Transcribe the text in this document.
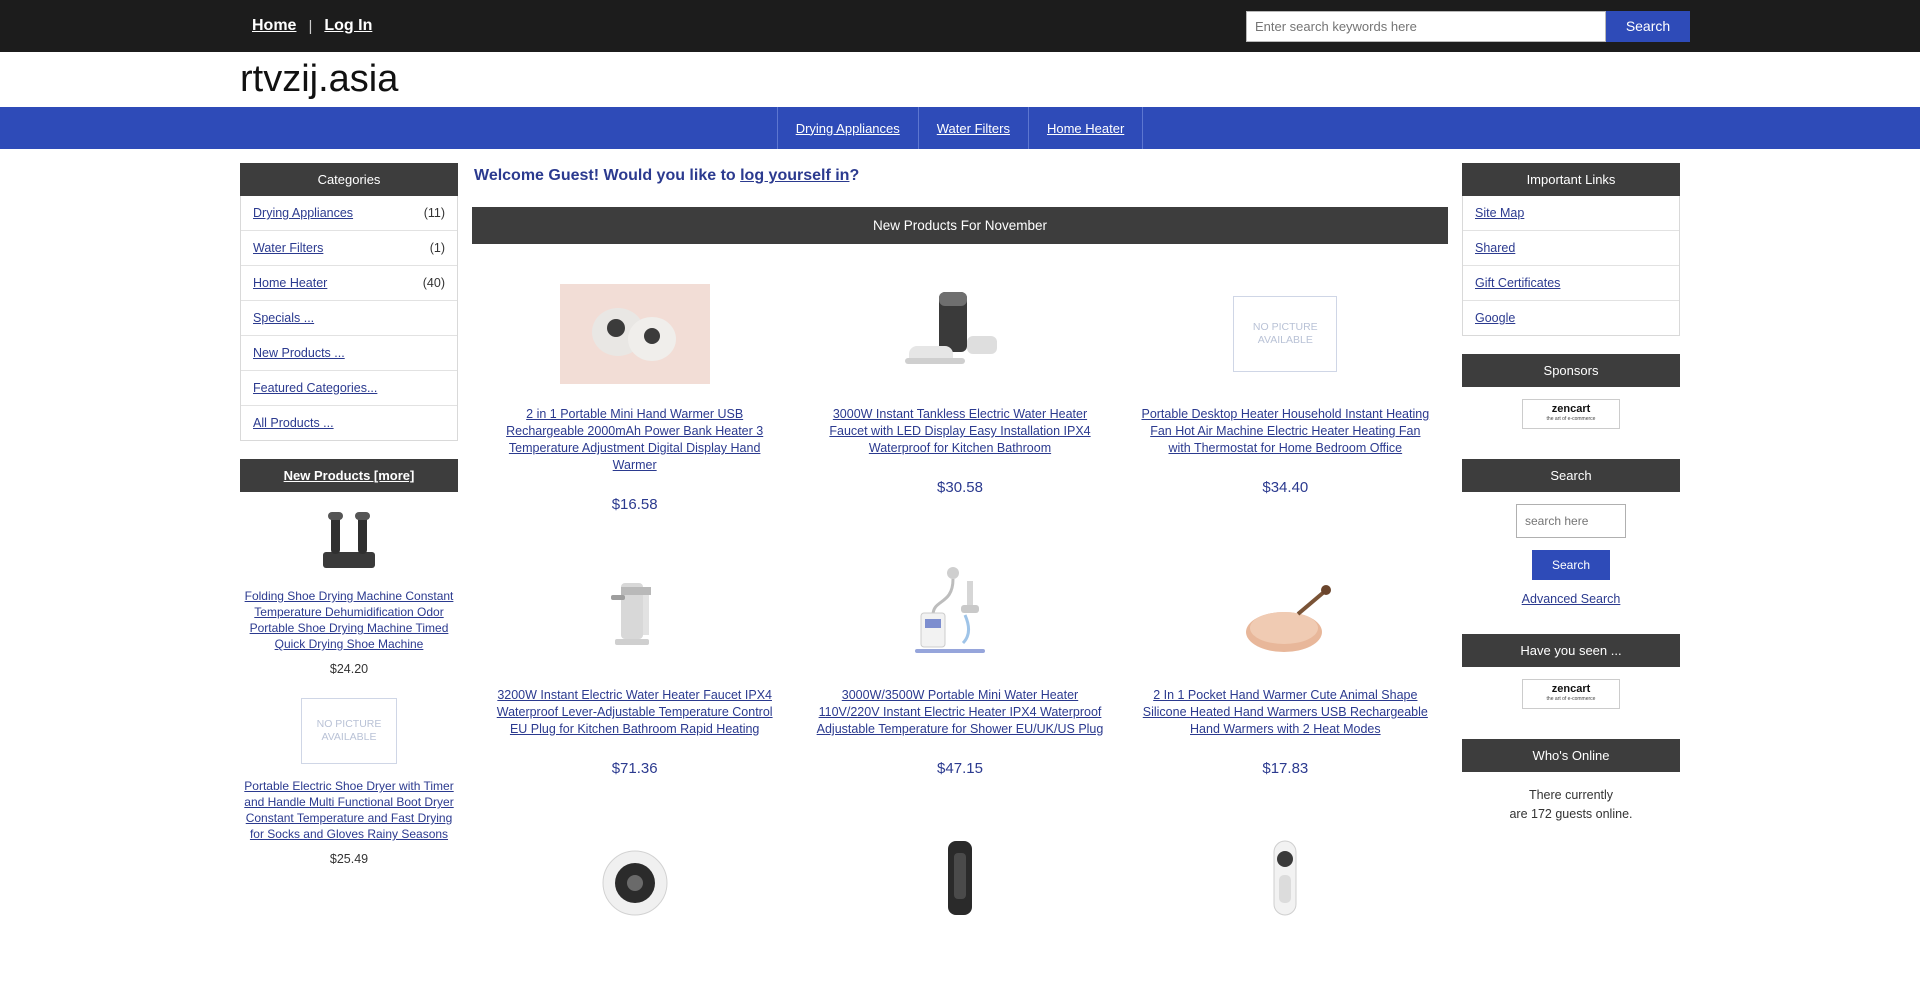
Home | Log In
Enter search keywords here	Search
rtvzij.asia
Drying Appliances	Water Filters	Home Heater
Categories
Drying Appliances	(11)
Water Filters	(1)
Home Heater	(40)
Specials ...
New Products ...
Featured Categories...
All Products ...
New Products [more]
Folding Shoe Drying Machine Constant Temperature Dehumidification Odor Portable Shoe Drying Machine Timed Quick Drying Shoe Machine
$24.20
NO PICTURE
AVAILABLE
Portable Electric Shoe Dryer with Timer and Handle Multi Functional Boot Dryer Constant Temperature and Fast Drying for Socks and Gloves Rainy Seasons
$25.49
Welcome Guest! Would you like to log yourself in?
New Products For November
2 in 1 Portable Mini Hand Warmer USB Rechargeable 2000mAh Power Bank Heater 3 Temperature Adjustment Digital Display Hand Warmer
$16.58
3000W Instant Tankless Electric Water Heater Faucet with LED Display Easy Installation IPX4 Waterproof for Kitchen Bathroom
$30.58
NO PICTURE
AVAILABLE
Portable Desktop Heater Household Instant Heating Fan Hot Air Machine Electric Heater Heating Fan with Thermostat for Home Bedroom Office
$34.40
3200W Instant Electric Water Heater Faucet IPX4 Waterproof Lever-Adjustable Temperature Control EU Plug for Kitchen Bathroom Rapid Heating
$71.36
3000W/3500W Portable Mini Water Heater 110V/220V Instant Electric Heater IPX4 Waterproof Adjustable Temperature for Shower EU/UK/US Plug
$47.15
2 In 1 Pocket Hand Warmer Cute Animal Shape Silicone Heated Hand Warmers USB Rechargeable Hand Warmers with 2 Heat Modes
$17.83
Important Links
Site Map
Shared
Gift Certificates
Google
Sponsors
zencart
the art of e-commerce
Search
search here
Search
Advanced Search
Have you seen ...
zencart
the art of e-commerce
Who's Online
There currently
are 172 guests online.
